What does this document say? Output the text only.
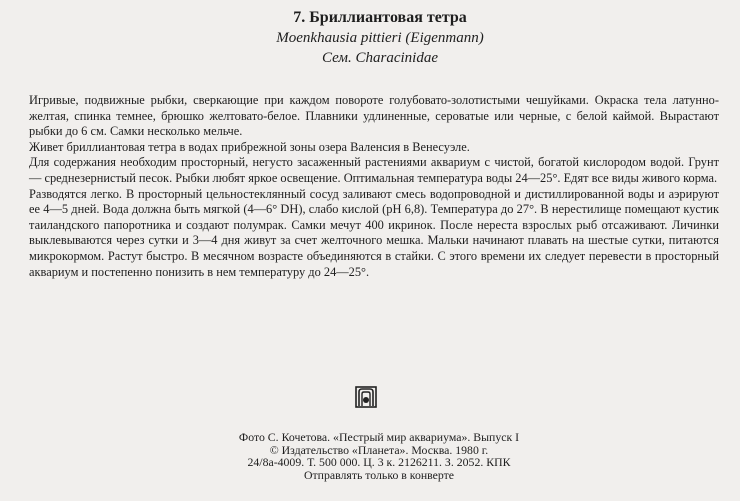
7. Бриллиантовая тетра
Moenkhausia pittieri (Eigenmann)
Сем. Characinidae

Игривые, подвижные рыбки, сверкающие при каждом повороте голубовато-золотистыми чешуйками. Окраска тела латунно-желтая, спинка темнее, брюшко желтовато-белое. Плавники удлиненные, сероватые или черные, с белой каймой. Вырастают рыбки до 6 см. Самки несколько мельче.

Живет бриллиантовая тетра в водах прибрежной зоны озера Валенсия в Венесуэле.

Для содержания необходим просторный, негусто засаженный растениями аквариум с чистой, богатой кислородом водой. Грунт — среднезернистый песок. Рыбки любят яркое освещение. Оптимальная температура воды 24—25°. Едят все виды живого корма.

Разводятся легко. В просторный цельностеклянный сосуд заливают смесь водопроводной и дистиллированной воды и аэрируют ее 4—5 дней. Вода должна быть мягкой (4—6° DH), слабо кислой (pH 6,8). Температура до 27°. В нерестилище помещают кустик таиландского папоротника и создают полумрак. Самки мечут 400 икринок. После нереста взрослых рыб отсаживают. Личинки выклевываются через сутки и 3—4 дня живут за счет желточного мешка. Мальки начинают плавать на шестые сутки, питаются микрокормом. Растут быстро. В месячном возрасте объединяются в стайки. С этого времени их следует перевести в просторный аквариум и постепенно понизить в нем температуру до 24—25°.

Фото С. Кочетова. «Пестрый мир аквариума». Выпуск I
© Издательство «Планета». Москва. 1980 г.
24/8а-4009. Т. 500 000. Ц. 3 к. 2126211. З. 2052. КПК
Отправлять только в конверте
